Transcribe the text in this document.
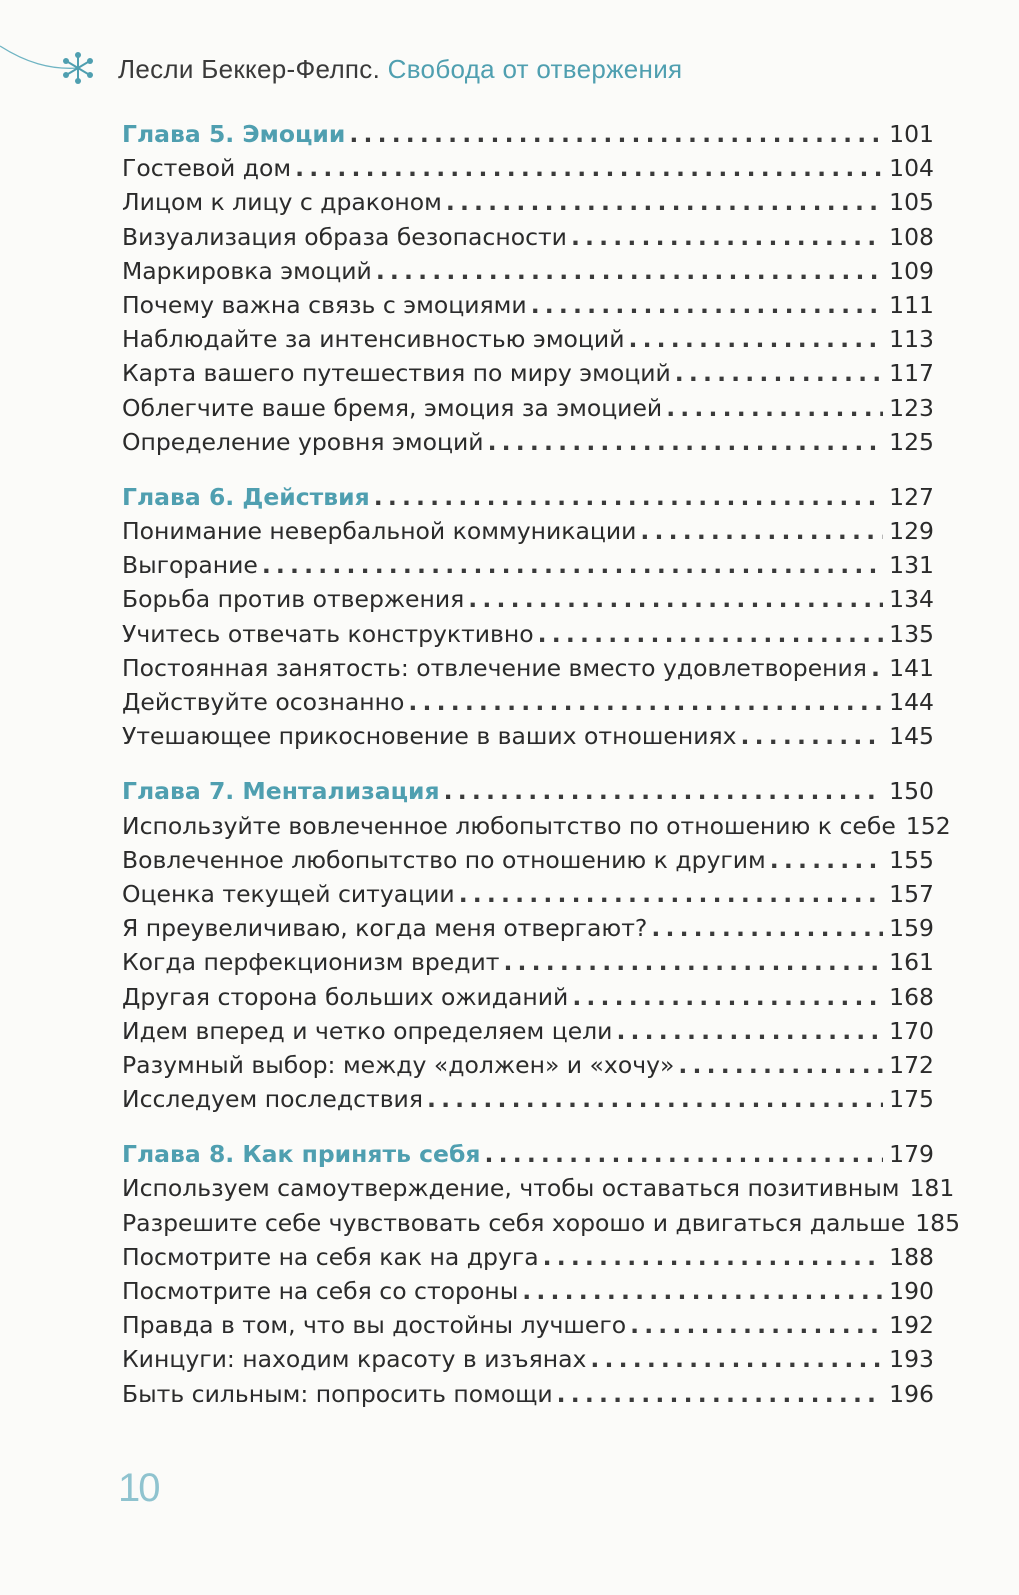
Лесли Беккер-Фелпс. Свобода от отвержения
Глава 5. Эмоции . . .	101
Гостевой дом . . .	104
Лицом к лицу с драконом . . .	105
Визуализация образа безопасности . . .	108
Маркировка эмоций . . .	109
Почему важна связь с эмоциями . . .	111
Наблюдайте за интенсивностью эмоций . . .	113
Карта вашего путешествия по миру эмоций . . .	117
Облегчите ваше бремя, эмоция за эмоцией . . .	123
Определение уровня эмоций . . .	125
Глава 6. Действия . . .	127
Понимание невербальной коммуникации . . .	129
Выгорание . . .	131
Борьба против отвержения . . .	134
Учитесь отвечать конструктивно . . .	135
Постоянная занятость: отвлечение вместо удовлетворения . . . 141
Действуйте осознанно . . .	144
Утешающее прикосновение в ваших отношениях . . .	145
Глава 7. Ментализация . . .	150
Используйте вовлеченное любопытство по отношению к себе 152
Вовлеченное любопытство по отношению к другим . . .	155
Оценка текущей ситуации . . .	157
Я преувеличиваю, когда меня отвергают? . . .	159
Когда перфекционизм вредит . . .	161
Другая сторона больших ожиданий . . .	168
Идем вперед и четко определяем цели . . .	170
Разумный выбор: между «должен» и «хочу» . . .	172
Исследуем последствия . . .	175
Глава 8. Как принять себя . . .	179
Используем самоутверждение, чтобы оставаться позитивным 181
Разрешите себе чувствовать себя хорошо и двигаться дальше 185
Посмотрите на себя как на друга . . .	188
Посмотрите на себя со стороны . . .	190
Правда в том, что вы достойны лучшего . . .	192
Кинцуги: находим красоту в изъянах . . .	193
Быть сильным: попросить помощи . . .	196
10
